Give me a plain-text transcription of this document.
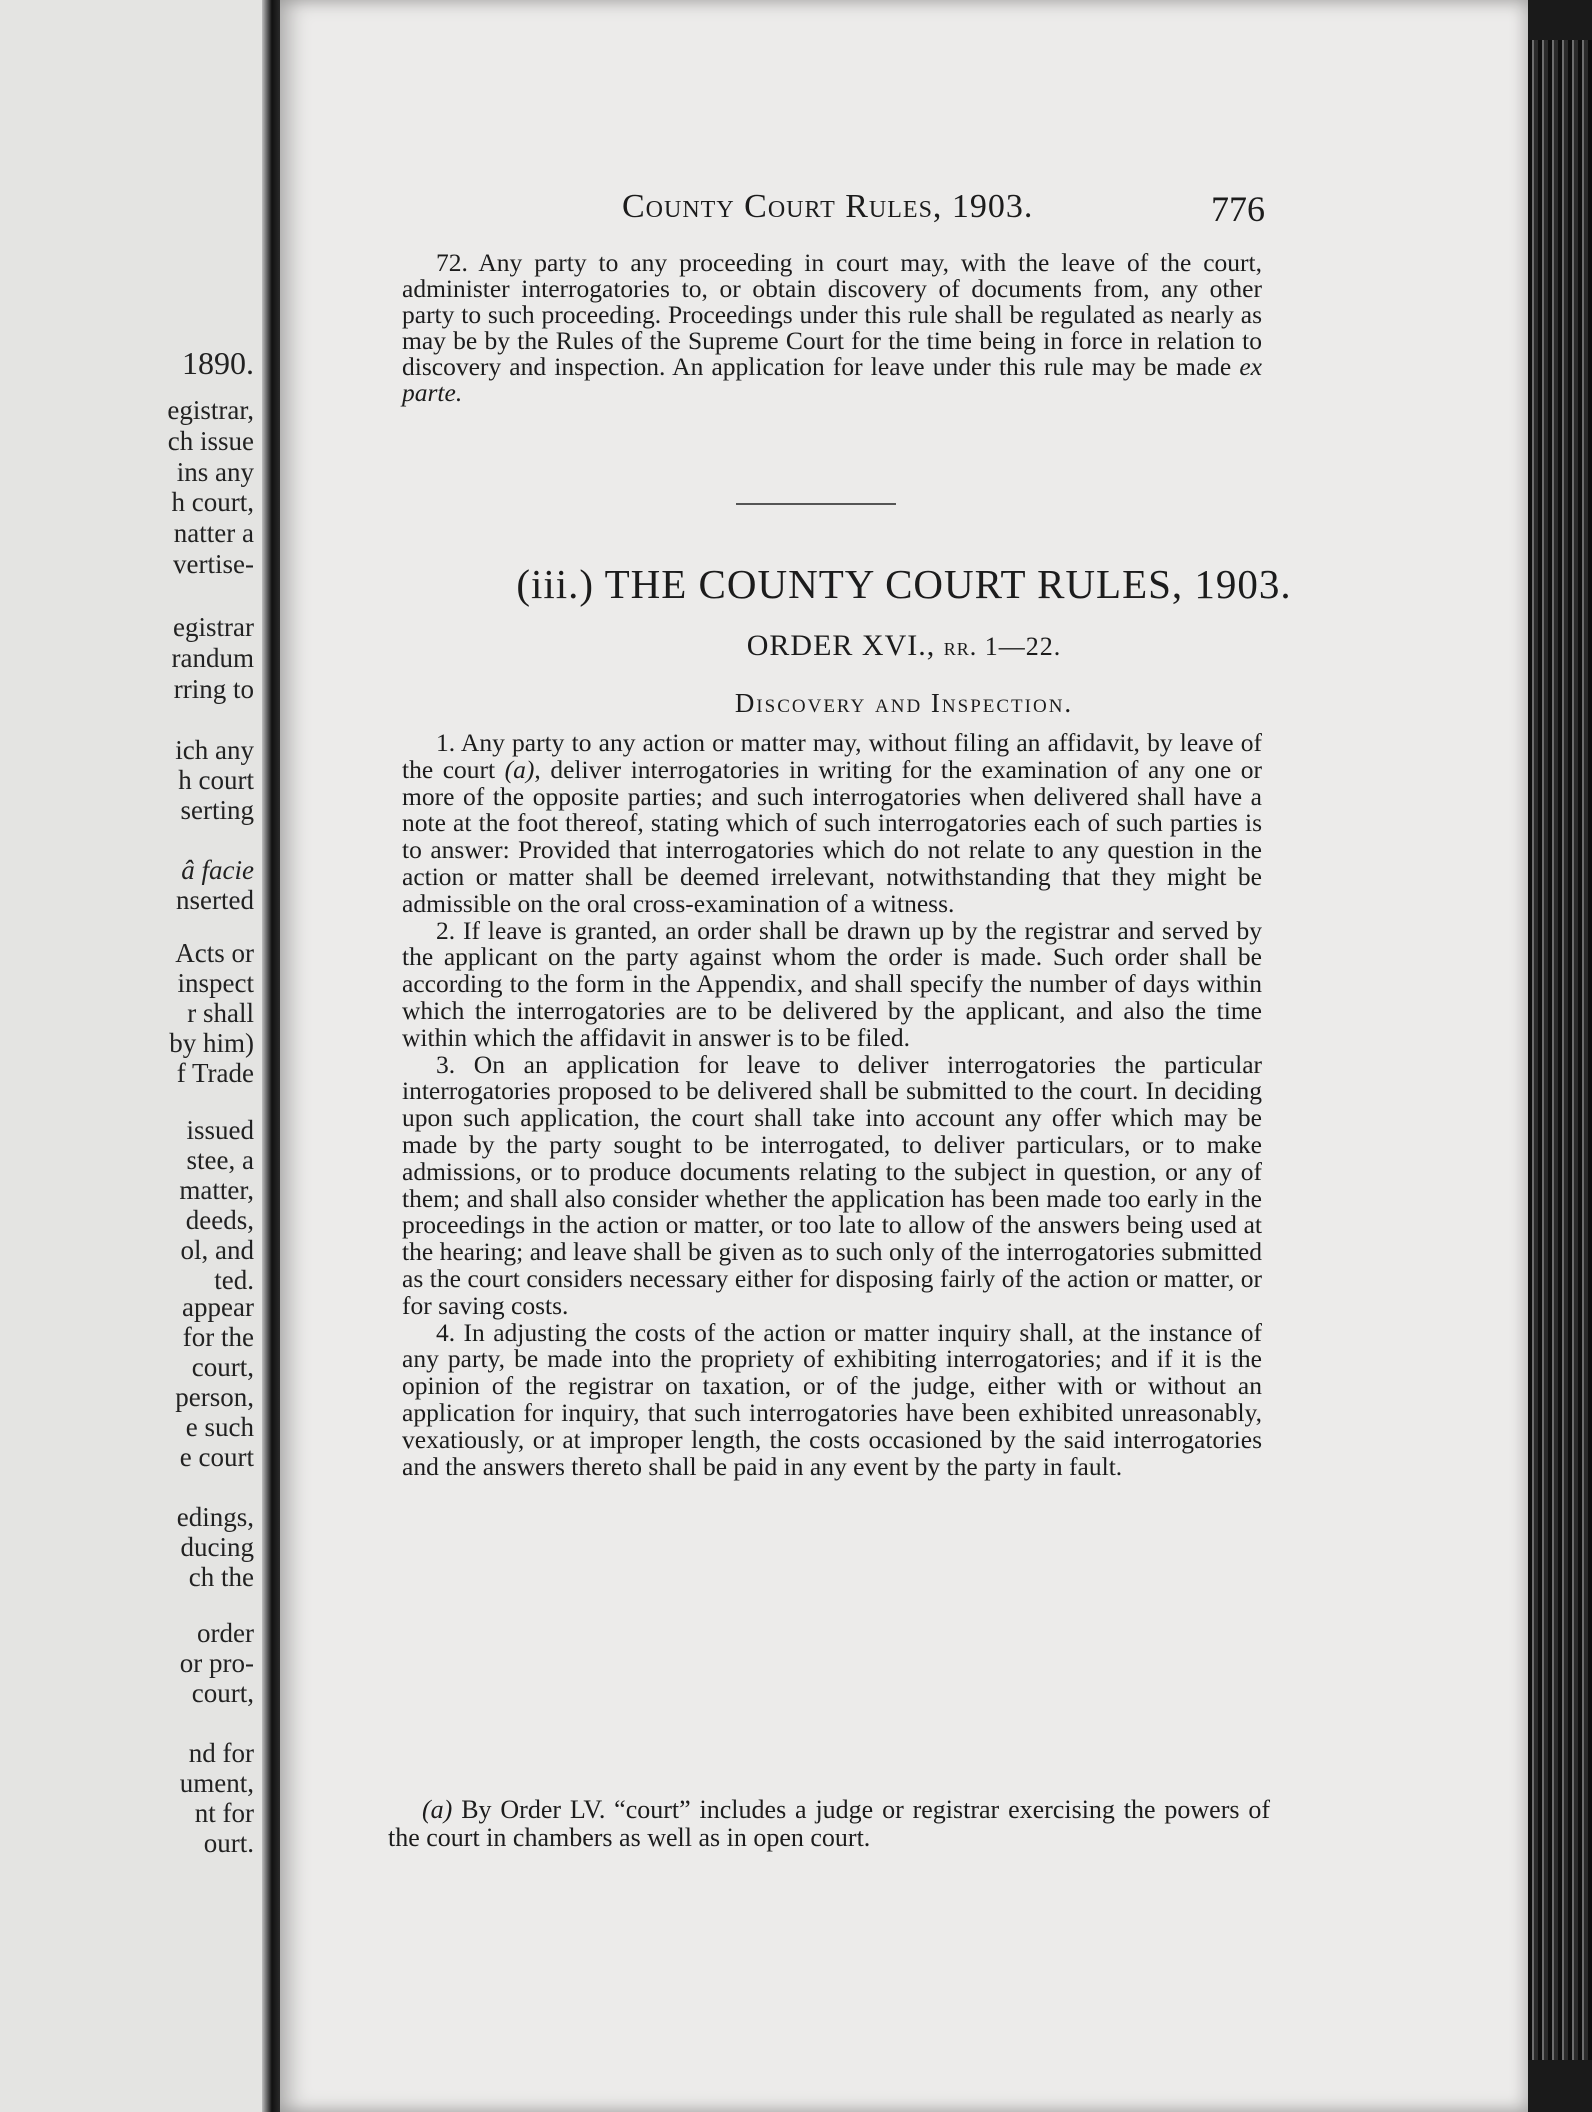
1890.
egistrar,
ch issue
ins any
h court,
natter a
vertise-
egistrar
randum
rring to
ich any
h court
serting
â facie
nserted
Acts or
inspect
r shall
by him)
f Trade
issued
stee, a
matter,
deeds,
ol, and
ted.
appear
for the
court,
person,
e such
e court
edings,
ducing
ch the
order
or pro-
court,
nd for
ument,
nt for
ourt.
County Court Rules, 1903.	776

72. Any party to any proceeding in court may, with the leave of the court, administer interrogatories to, or obtain discovery of documents from, any other party to such proceeding. Proceedings under this rule shall be regulated as nearly as may be by the Rules of the Supreme Court for the time being in force in relation to discovery and inspection. An application for leave under this rule may be made ex parte.

(iii.) THE COUNTY COURT RULES, 1903.
ORDER XVI., rr. 1—22.
Discovery and Inspection.

1. Any party to any action or matter may, without filing an affidavit, by leave of the court (a), deliver interrogatories in writing for the examination of any one or more of the opposite parties; and such interrogatories when delivered shall have a note at the foot thereof, stating which of such interrogatories each of such parties is to answer: Provided that interrogatories which do not relate to any question in the action or matter shall be deemed irrelevant, notwithstanding that they might be admissible on the oral cross-examination of a witness.

2. If leave is granted, an order shall be drawn up by the registrar and served by the applicant on the party against whom the order is made. Such order shall be according to the form in the Appendix, and shall specify the number of days within which the interrogatories are to be delivered by the applicant, and also the time within which the affidavit in answer is to be filed.

3. On an application for leave to deliver interrogatories the particular interrogatories proposed to be delivered shall be submitted to the court. In deciding upon such application, the court shall take into account any offer which may be made by the party sought to be interrogated, to deliver particulars, or to make admissions, or to produce documents relating to the subject in question, or any of them; and shall also consider whether the application has been made too early in the proceedings in the action or matter, or too late to allow of the answers being used at the hearing; and leave shall be given as to such only of the interrogatories submitted as the court considers necessary either for disposing fairly of the action or matter, or for saving costs.

4. In adjusting the costs of the action or matter inquiry shall, at the instance of any party, be made into the propriety of exhibiting interrogatories; and if it is the opinion of the registrar on taxation, or of the judge, either with or without an application for inquiry, that such interrogatories have been exhibited unreasonably, vexatiously, or at improper length, the costs occasioned by the said interrogatories and the answers thereto shall be paid in any event by the party in fault.

(a) By Order LV. “court” includes a judge or registrar exercising the powers of the court in chambers as well as in open court.
